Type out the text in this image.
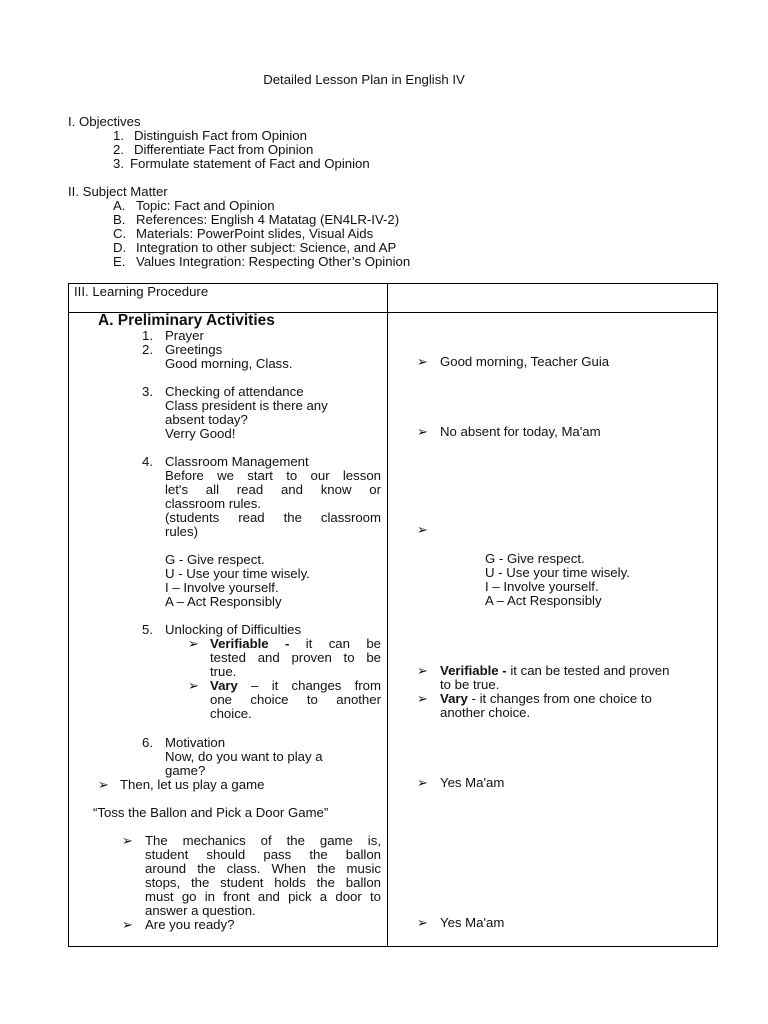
Detailed Lesson Plan in English IV
I. Objectives
1. Distinguish Fact from Opinion
2. Differentiate Fact from Opinion
3. Formulate statement of Fact and Opinion
II. Subject Matter
A. Topic: Fact and Opinion
B. References: English 4 Matatag (EN4LR-IV-2)
C. Materials: PowerPoint slides, Visual Aids
D. Integration to other subject: Science, and AP
E. Values Integration: Respecting Other’s Opinion
III. Learning Procedure
A. Preliminary Activities
1. Prayer
2. Greetings
Good morning, Class.
3. Checking of attendance
Class president is there any
absent today?
Verry Good!
4. Classroom Management
Before we start to our lesson
let's all read and know or
classroom rules.
(students read the classroom
rules)
G - Give respect.
U - Use your time wisely.
I – Involve yourself.
A – Act Responsibly
5. Unlocking of Difficulties
➢ Verifiable - it can be
tested and proven to be
true.
➢ Vary – it changes from
one choice to another
choice.
6. Motivation
Now, do you want to play a
game?
➢ Then, let us play a game
“Toss the Ballon and Pick a Door Game”
➢ The mechanics of the game is,
student should pass the ballon
around the class. When the music
stops, the student holds the ballon
must go in front and pick a door to
answer a question.
➢ Are you ready?
➢ Good morning, Teacher Guia
➢ No absent for today, Ma'am
➢
G - Give respect.
U - Use your time wisely.
I – Involve yourself.
A – Act Responsibly
➢ Verifiable - it can be tested and proven
to be true.
➢ Vary - it changes from one choice to
another choice.
➢ Yes Ma'am
➢ Yes Ma'am
